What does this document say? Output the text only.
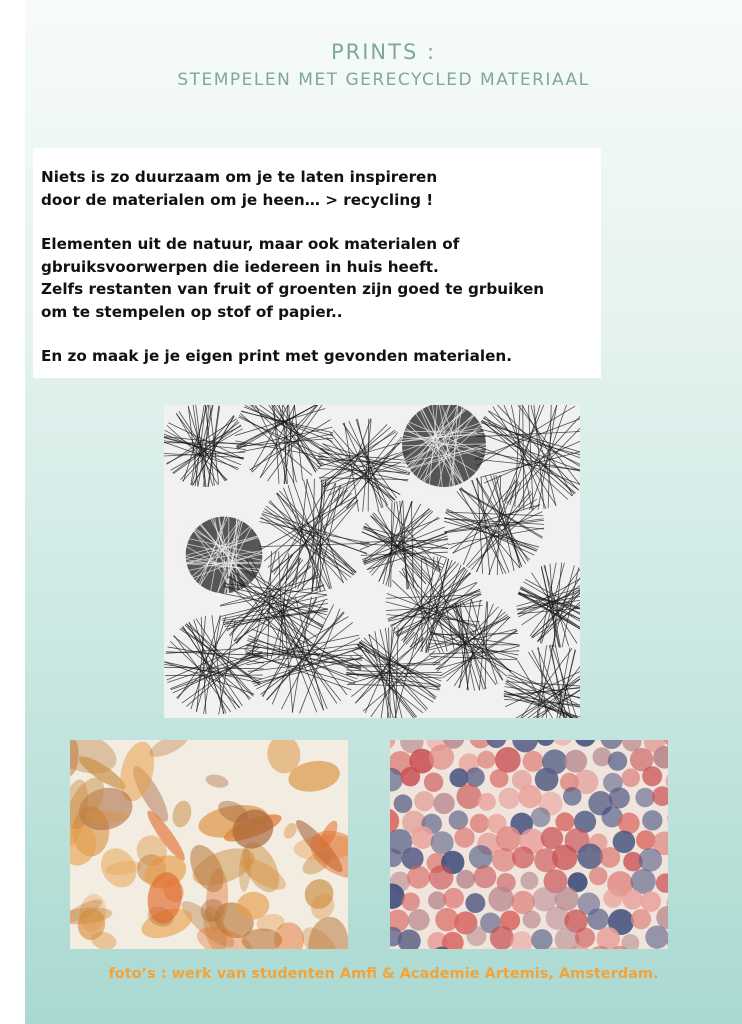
PRINTS :
STEMPELEN MET GERECYCLED MATERIAAL

Niets is zo duurzaam om je te laten inspireren
door de materialen om je heen… > recycling !

Elementen uit de natuur, maar ook materialen of
gbruiksvoorwerpen die iedereen in huis heeft.
Zelfs restanten van fruit of groenten zijn goed te grbuiken
om te stempelen op stof of papier..

En zo maak je je eigen print met gevonden materialen.

foto’s : werk van studenten Amfi & Academie Artemis, Amsterdam.
